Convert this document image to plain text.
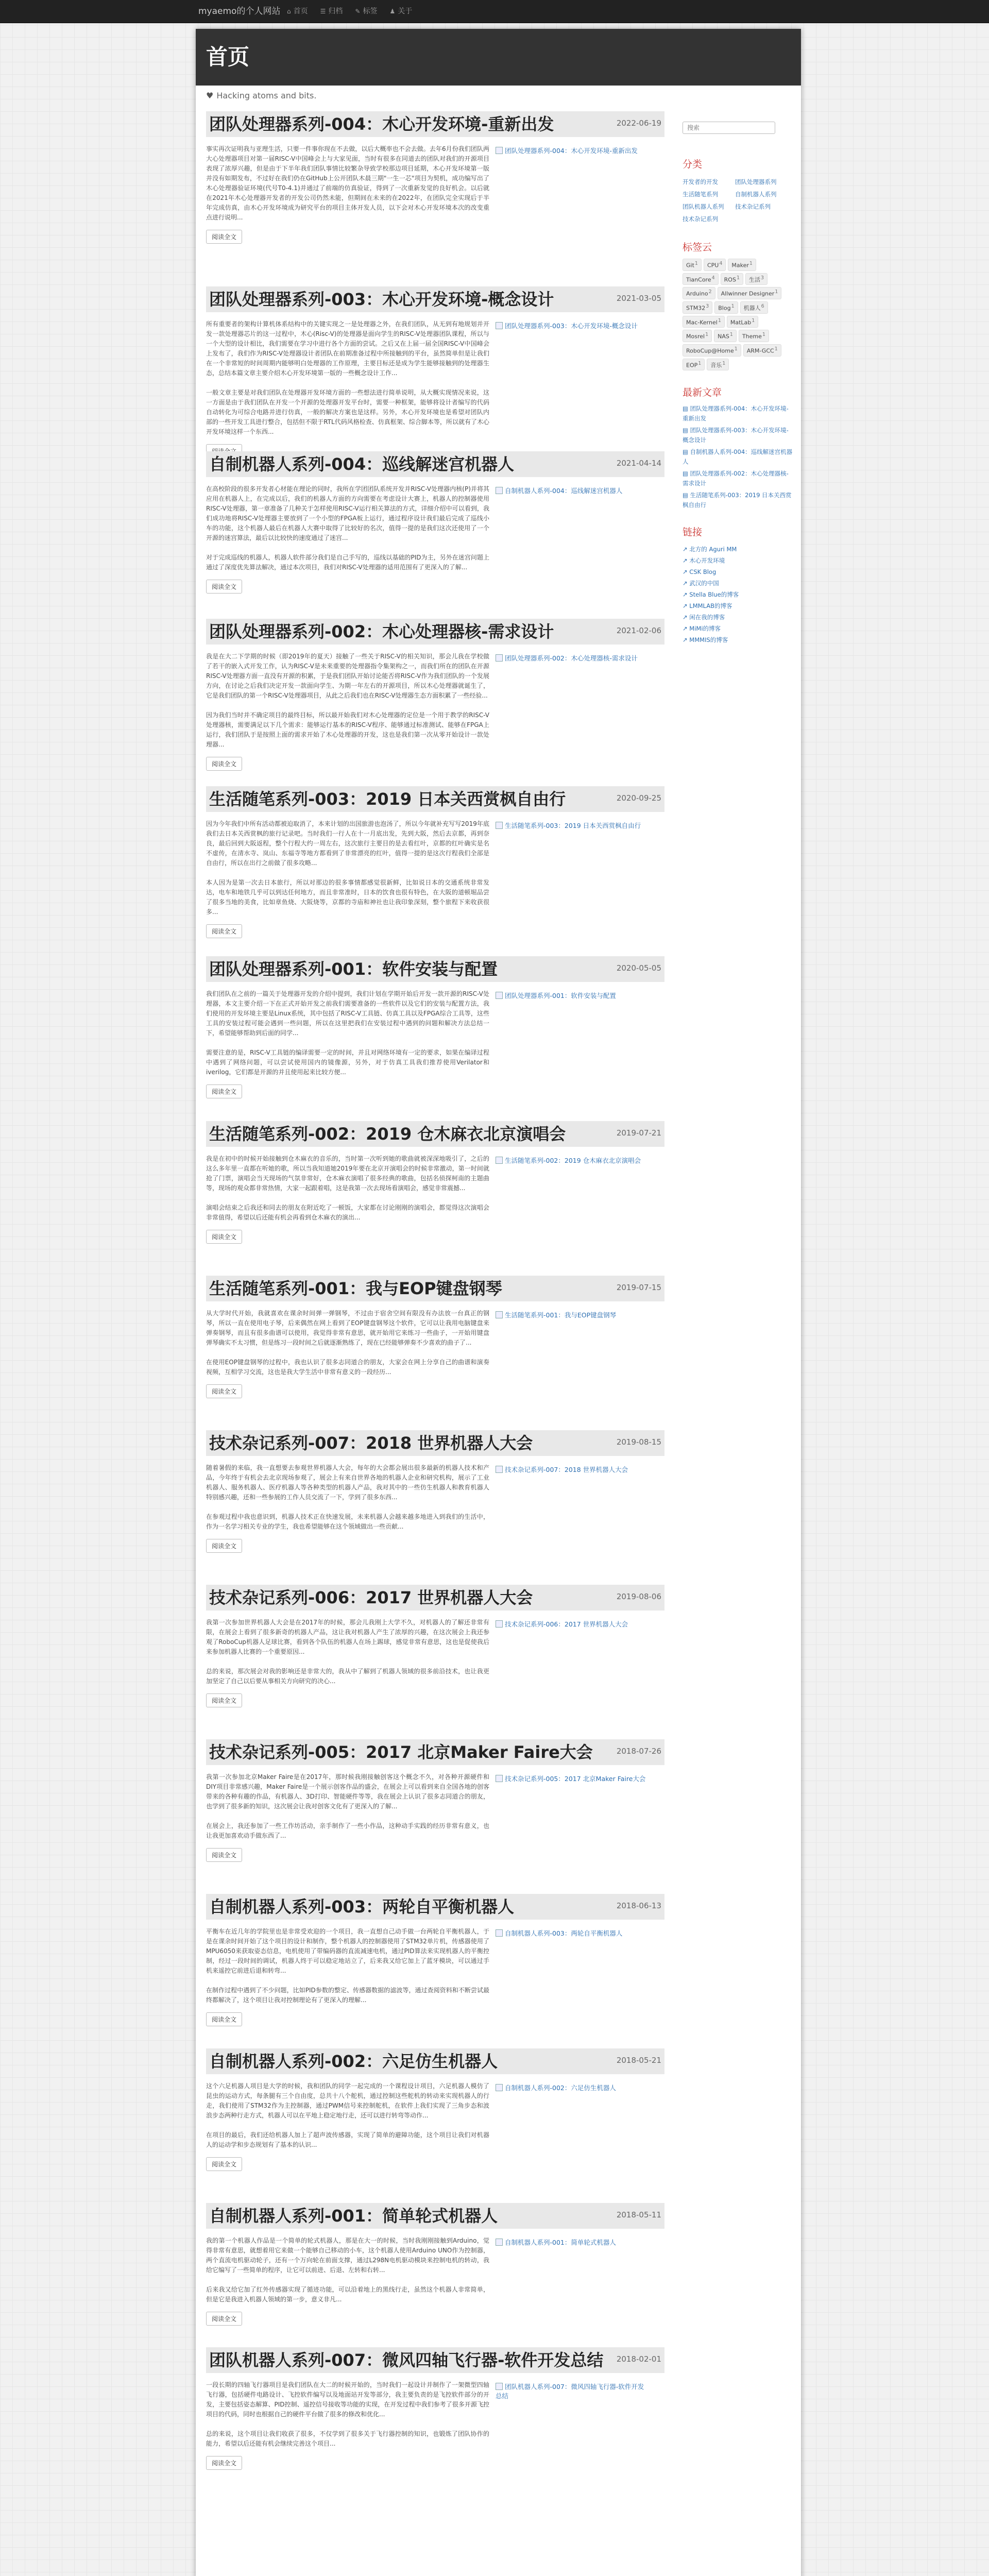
myaemo的个人网站 ⌂ 首页 ☰ 归档 ✎ 标签 ♟ 关于
首页
♥ Hacking atoms and bits.
团队处理器系列-004：木心开发环境-重新出发	2022-06-19
事实再次证明我与亚理生活，只要一件事你现在不去做，以后大概率也不会去做。去年6月份我们团队两大心处理器项目对第一届RISC-V中国峰会上与大家见面，当时有很多在同道去的团队对我们的开源项目表现了浓厚兴趣，但是由于下半年我们团队事情比较繁杂导致学校那边项目延期，木心开发环境第一版并没有如期发布，不过好在我们仍在GitHub上公开团队木晨三期"一生一芯"项目为契机，成功编写出了木心处理器验证环境(代号T0-4.1)并通过了前端的仿真验证，得到了一次重新发觉的良好机会。以后就在2021年木心处理器开发者的开发公司仍然未能，但期间在未来的在2022年，在团队完全实现后于半年完成仿真，由木心开发环境成为研究平台的项目主体开发人员，以下会对木心开发环境本次的改变重点进行说明...
团队处理器系列-004：木心开发环境-重新出发
阅读全文
团队处理器系列-003：木心开发环境-概念设计	2021-03-05
所有重要者的架构计算机体系结构中的关键实现之一是处理器之外，在我们团队，从无到有地规划并开发一款处理器芯片的这一过程中，木心(Risc-V)的处理器是面向学生的RISC-V处理器团队课程，所以与一个大型的设计相比，我们需要在学习中进行各个方面的尝试。之后又在上届一届全国RISC-V中国峰会上发布了，我们作为RISC-V处理器设计者团队在前期准备过程中所接触到的平台，虽然简单但是让我们在一个非常短的时间周期内能够明白处理器的工作原理，主要目标还是成为学生能够接触到的处理器生态，总结本篇文章主要介绍木心开发环境第一版的一些概念设计工作...

一般文章主要是对我们团队在处理器开发环境方面的一些想法进行简单说明，从大概实现情况来说，这一方面是由于我们团队在开发一个开源的处理器开发平台时，需要一种框架，能够将设计者编写的代码自动转化为可综合电路并进行仿真，一般的解决方案也是这样。另外，木心开发环境也是希望对团队内部的一些开发工具进行整合，包括但不限于RTL代码风格检查、仿真框架、综合脚本等，所以就有了木心开发环境这样一个东西...
团队处理器系列-003：木心开发环境-概念设计
自制机器人系列-004：巡线解迷宫机器人	2021-04-14
在高校阶段的很多开发者心材能在理论的同时，我所在学团团队系统开发并RISC-V处理器内核(P)并将其应用在机器人上，在完成以后，我们的机器人方面的方向需要在考虑设计大赛上，机器人的控制器使用RISC-V处理器，第一章准备了几种关于怎样使用RISC-V运行相关算法的方式，详细介绍中可以看到，我们成功地将RISC-V处理器主要放到了一个小型的FPGA板上运行，通过程序设计我们最后完成了巡线小车的功能，这个机器人最后在机器人大赛中取得了比较好的名次，值得一提的是我们这次还使用了一个开源的迷宫算法，最后以比较快的速度通过了迷宫...

对于完成巡线的机器人，机器人软件部分我们是自己手写的，巡线以基础的PID为主，另外在迷宫问题上通过了深度优先算法解决，通过本次项目，我们对RISC-V处理器的适用范围有了更深入的了解...
自制机器人系列-004：巡线解迷宫机器人
阅读全文
团队处理器系列-002：木心处理器核-需求设计	2021-02-06
我是在大二下学期的时候（即2019年的夏天）接触了一些关于RISC-V的相关知识，那会儿我在学校做了若干的嵌入式开发工作，认为RISC-V是未来重要的处理器指令集架构之一，而我们所在的团队在开源RISC-V处理器方面一直没有开源的积累，于是我们团队开始讨论能否将RISC-V作为我们团队的一个发展方向，在讨论之后我们决定开发一款面向学生、为期一年左右的开源项目，所以木心处理器就诞生了，它是我们团队的第一个RISC-V处理器项目，从此之后我们也在RISC-V处理器生态方面积累了一些经验...

因为我们当时并不确定项目的最终目标，所以最开始我们对木心处理器的定位是一个用于教学的RISC-V处理器核，需要满足以下几个需求：能够运行基本的RISC-V程序、能够通过标准测试、能够在FPGA上运行，我们团队于是按照上面的需求开始了木心处理器的开发，这也是我们第一次从零开始设计一款处理器...
团队处理器系列-002：木心处理器核-需求设计
阅读全文
生活随笔系列-003：2019 日本关西赏枫自由行	2020-09-25
因为今年我们中所有活动都被迫取消了，本来计划的出国旅游也泡汤了，所以今年就补充写写2019年底我们去日本关西赏枫的旅行记录吧。当时我们一行人在十一月底出发，先到大阪，然后去京都，再到奈良，最后回到大阪返程，整个行程大约一周左右，这次旅行主要目的是去看红叶，京都的红叶确实是名不虚传，在清水寺、岚山、东福寺等地方都看到了非常漂亮的红叶，值得一提的是这次行程我们全部是自由行，所以在出行之前做了很多攻略...

本人因为是第一次去日本旅行，所以对那边的很多事情都感觉很新鲜，比如说日本的交通系统非常发达，电车和地铁几乎可以到达任何地方，而且非常准时，日本的饮食也很有特色，在大阪的道顿堀品尝了很多当地的美食，比如章鱼烧、大阪烧等，京都的寺庙和神社也让我印象深刻，整个旅程下来收获很多...
生活随笔系列-003：2019 日本关西赏枫自由行
阅读全文
团队处理器系列-001：软件安装与配置	2020-05-05
我们团队在之前的一篇关于处理器开发的介绍中提到，我们计划在学期开始后开发一款开源的RISC-V处理器，本文主要介绍一下在正式开始开发之前我们需要准备的一些软件以及它们的安装与配置方法，我们使用的开发环境主要是Linux系统，其中包括了RISC-V工具链、仿真工具以及FPGA综合工具等，这些工具的安装过程可能会遇到一些问题，所以在这里把我们在安装过程中遇到的问题和解决方法总结一下，希望能够帮助到后面的同学...

需要注意的是，RISC-V工具链的编译需要一定的时间，并且对网络环境有一定的要求，如果在编译过程中遇到了网络问题，可以尝试使用国内的镜像源，另外，对于仿真工具我们推荐使用Verilator和iverilog，它们都是开源的并且使用起来比较方便...
团队处理器系列-001：软件安装与配置
阅读全文
生活随笔系列-002：2019 仓木麻衣北京演唱会	2019-07-21
我是在初中的时候开始接触到仓木麻衣的音乐的，当时第一次听到她的歌曲就被深深地吸引了，之后的这么多年里一直都在听她的歌，所以当我知道她2019年要在北京开演唱会的时候非常激动，第一时间就抢了门票，演唱会当天现场的气氛非常好，仓木麻衣演唱了很多经典的歌曲，包括名侦探柯南的主题曲等，现场的观众都非常热情，大家一起跟着唱，这是我第一次去现场看演唱会，感觉非常震撼...

演唱会结束之后我还和同去的朋友在附近吃了一顿饭，大家都在讨论刚刚的演唱会，都觉得这次演唱会非常值得，希望以后还能有机会再看到仓木麻衣的演出...
生活随笔系列-002：2019 仓木麻衣北京演唱会
阅读全文
生活随笔系列-001：我与EOP键盘钢琴	2019-07-15
从大学时代开始，我就喜欢在课余时间弹一弹钢琴，不过由于宿舍空间有限没有办法放一台真正的钢琴，所以一直在使用电子琴，后来偶然在网上看到了EOP键盘钢琴这个软件，它可以让我用电脑键盘来弹奏钢琴，而且有很多曲谱可以使用，我觉得非常有意思，就开始用它来练习一些曲子，一开始用键盘弹琴确实不太习惯，但是练习一段时间之后就逐渐熟练了，现在已经能够弹奏不少喜欢的曲子了...

在使用EOP键盘钢琴的过程中，我也认识了很多志同道合的朋友，大家会在网上分享自己的曲谱和演奏视频，互相学习交流，这也是我大学生活中非常有意义的一段经历...
生活随笔系列-001：我与EOP键盘钢琴
阅读全文
技术杂记系列-007：2018 世界机器人大会	2019-08-15
随着暑假的来临，我一直想要去参观世界机器人大会，每年的大会都会展出很多最新的机器人技术和产品，今年终于有机会去北京现场参观了，展会上有来自世界各地的机器人企业和研究机构，展示了工业机器人、服务机器人、医疗机器人等各种类型的机器人产品，我对其中的一些仿生机器人和教育机器人特别感兴趣，还和一些参展的工作人员交流了一下，学到了很多东西...

在参观过程中我也意识到，机器人技术正在快速发展，未来机器人会越来越多地进入到我们的生活中，作为一名学习相关专业的学生，我也希望能够在这个领域做出一些贡献...
技术杂记系列-007：2018 世界机器人大会
阅读全文
技术杂记系列-006：2017 世界机器人大会	2019-08-06
我第一次参加世界机器人大会是在2017年的时候，那会儿我刚上大学不久，对机器人的了解还非常有限，在展会上看到了很多新奇的机器人产品，这让我对机器人产生了浓厚的兴趣，在这次展会上我还参观了RoboCup机器人足球比赛，看到各个队伍的机器人在场上踢球，感觉非常有意思，这也是促使我后来参加机器人比赛的一个重要原因...

总的来说，那次展会对我的影响还是非常大的，我从中了解到了机器人领域的很多前沿技术，也让我更加坚定了自己以后要从事相关方向研究的决心...
技术杂记系列-006：2017 世界机器人大会
阅读全文
技术杂记系列-005：2017 北京Maker Faire大会	2018-07-26
我第一次参加北京Maker Faire是在2017年，那时候我刚接触创客这个概念不久，对各种开源硬件和DIY项目非常感兴趣，Maker Faire是一个展示创客作品的盛会，在展会上可以看到来自全国各地的创客带来的各种有趣的作品，有机器人、3D打印、智能硬件等等，我在展会上认识了很多志同道合的朋友，也学到了很多新的知识，这次展会让我对创客文化有了更深入的了解...

在展会上，我还参加了一些工作坊活动，亲手制作了一些小作品，这种动手实践的经历非常有意义，也让我更加喜欢动手做东西了...
技术杂记系列-005：2017 北京Maker Faire大会
阅读全文
自制机器人系列-003：两轮自平衡机器人	2018-06-13
平衡车在近几年的学院里也是非常受欢迎的一个项目，我一直想自己动手做一台两轮自平衡机器人，于是在课余时间开始了这个项目的设计和制作，整个机器人的控制器使用了STM32单片机，传感器使用了MPU6050来获取姿态信息，电机使用了带编码器的直流减速电机，通过PID算法来实现机器人的平衡控制，经过一段时间的调试，机器人终于可以稳定地站立了，后来我又给它加上了蓝牙模块，可以通过手机来遥控它前进后退和转弯...

在制作过程中遇到了不少问题，比如PID参数的整定、传感器数据的滤波等，通过查阅资料和不断尝试最终都解决了，这个项目让我对控制理论有了更深入的理解...
自制机器人系列-003：两轮自平衡机器人
阅读全文
自制机器人系列-002：六足仿生机器人	2018-05-21
这个六足机器人项目是大学的时候，我和团队的同学一起完成的一个课程设计项目，六足机器人模仿了昆虫的运动方式，每条腿有三个自由度，总共十八个舵机，通过控制这些舵机的转动来实现机器人的行走，我们使用了STM32作为主控制器，通过PWM信号来控制舵机，在软件上我们实现了三角步态和波浪步态两种行走方式，机器人可以在平地上稳定地行走，还可以进行转弯等动作...

在项目的最后，我们还给机器人加上了超声波传感器，实现了简单的避障功能，这个项目让我们对机器人的运动学和步态规划有了基本的认识...
自制机器人系列-002：六足仿生机器人
阅读全文
自制机器人系列-001：简单轮式机器人	2018-05-11
我的第一个机器人作品是一个简单的轮式机器人，那是在大一的时候，当时我刚刚接触到Arduino，觉得非常有意思，就想着用它来做一个能够自己移动的小车，这个机器人使用Arduino UNO作为控制器，两个直流电机驱动轮子，还有一个万向轮在前面支撑，通过L298N电机驱动模块来控制电机的转动，我给它编写了一些简单的程序，让它可以前进、后退、左转和右转...

后来我又给它加了红外传感器实现了循迹功能，可以沿着地上的黑线行走，虽然这个机器人非常简单，但是它是我进入机器人领域的第一步，意义非凡...
自制机器人系列-001：简单轮式机器人
阅读全文
团队机器人系列-007：微风四轴飞行器-软件开发总结	2018-02-01
一段长期的四轴飞行器项目是我们团队在大二的时候开始的，当时我们一起设计并制作了一架微型四轴飞行器，包括硬件电路设计、飞控软件编写以及地面站开发等部分，我主要负责的是飞控软件部分的开发，主要包括姿态解算、PID控制、遥控信号接收等功能的实现，在开发过程中我们参考了很多开源飞控项目的代码，同时也根据自己的硬件平台做了很多的修改和优化...

总的来说，这个项目让我们收获了很多，不仅学到了很多关于飞行器控制的知识，也锻炼了团队协作的能力，希望以后还能有机会继续完善这个项目...
团队机器人系列-007：微风四轴飞行器-软件开发总结
阅读全文
搜索
分类
开发者的开发	团队处理器系列
生活随笔系列	自制机器人系列
团队机器人系列	技术杂记系列
技术杂记系列
标签云
Git1	CPU4	Maker1
TianCore4	ROS1	生活3
Arduino2	Allwinner Designer1
STM323	Blog1	机器人6
Mac-Kernel1	MatLab1
Mosrel1	NAS1	Theme1
RoboCup@Home1	ARM-GCC1
EOP1	音乐1
最新文章
▤ 团队处理器系列-004：木心开发环境-重新出发
▤ 团队处理器系列-003：木心开发环境-概念设计
▤ 自制机器人系列-004：巡线解迷宫机器人
▤ 团队处理器系列-002：木心处理器核-需求设计
▤ 生活随笔系列-003：2019 日本关西赏枫自由行
链接
↗ 北方的 Aguri MM
↗ 木心开发环境
↗ CSK Blog
↗ 武汉的中国
↗ Stella Blue的博客
↗ LMMLAB的博客
↗ 闲在我的博客
↗ MiMi的博客
↗ MMMIS的博客
